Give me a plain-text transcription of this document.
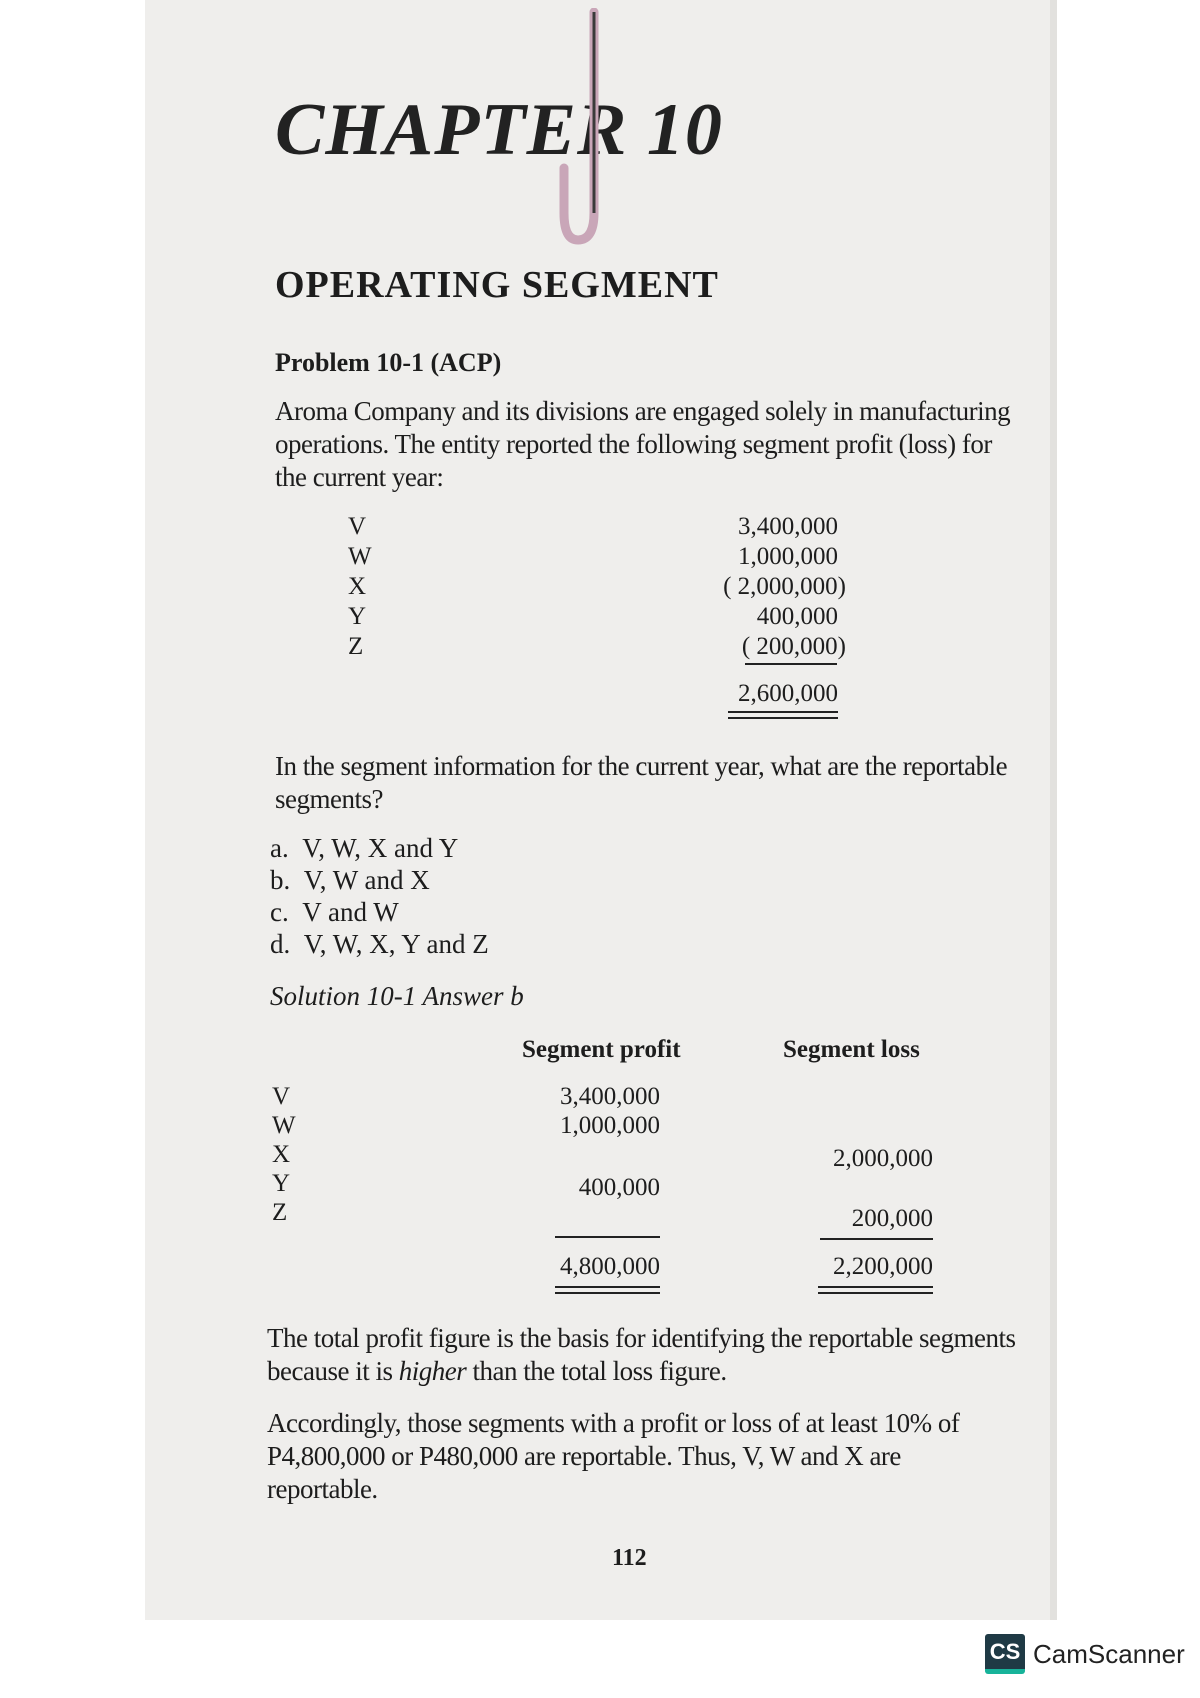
CHAPTER 10
OPERATING SEGMENT
Problem 10-1 (ACP)

Aroma Company and its divisions are engaged solely in manufacturing

operations. The entity reported the following segment profit (loss) for

the current year:

V
W
X
Y
Z
3,400,000
1,000,000
( 2,000,000)
400,000
( 200,000)
2,600,000

In the segment information for the current year, what are the reportable

segments?

a. V, W, X and Y
b. V, W and X
c. V and W
d. V, W, X, Y and Z
Solution 10-1 Answer b
Segment profit	Segment loss
V
W
X
Y
Z
3,400,000
1,000,000
400,000
2,000,000
200,000
4,800,000	2,200,000

The total profit figure is the basis for identifying the reportable segments

because it is higher than the total loss figure.

Accordingly, those segments with a profit or loss of at least 10% of

P4,800,000 or P480,000 are reportable. Thus, V, W and X are

reportable.

112
CS CamScanner
